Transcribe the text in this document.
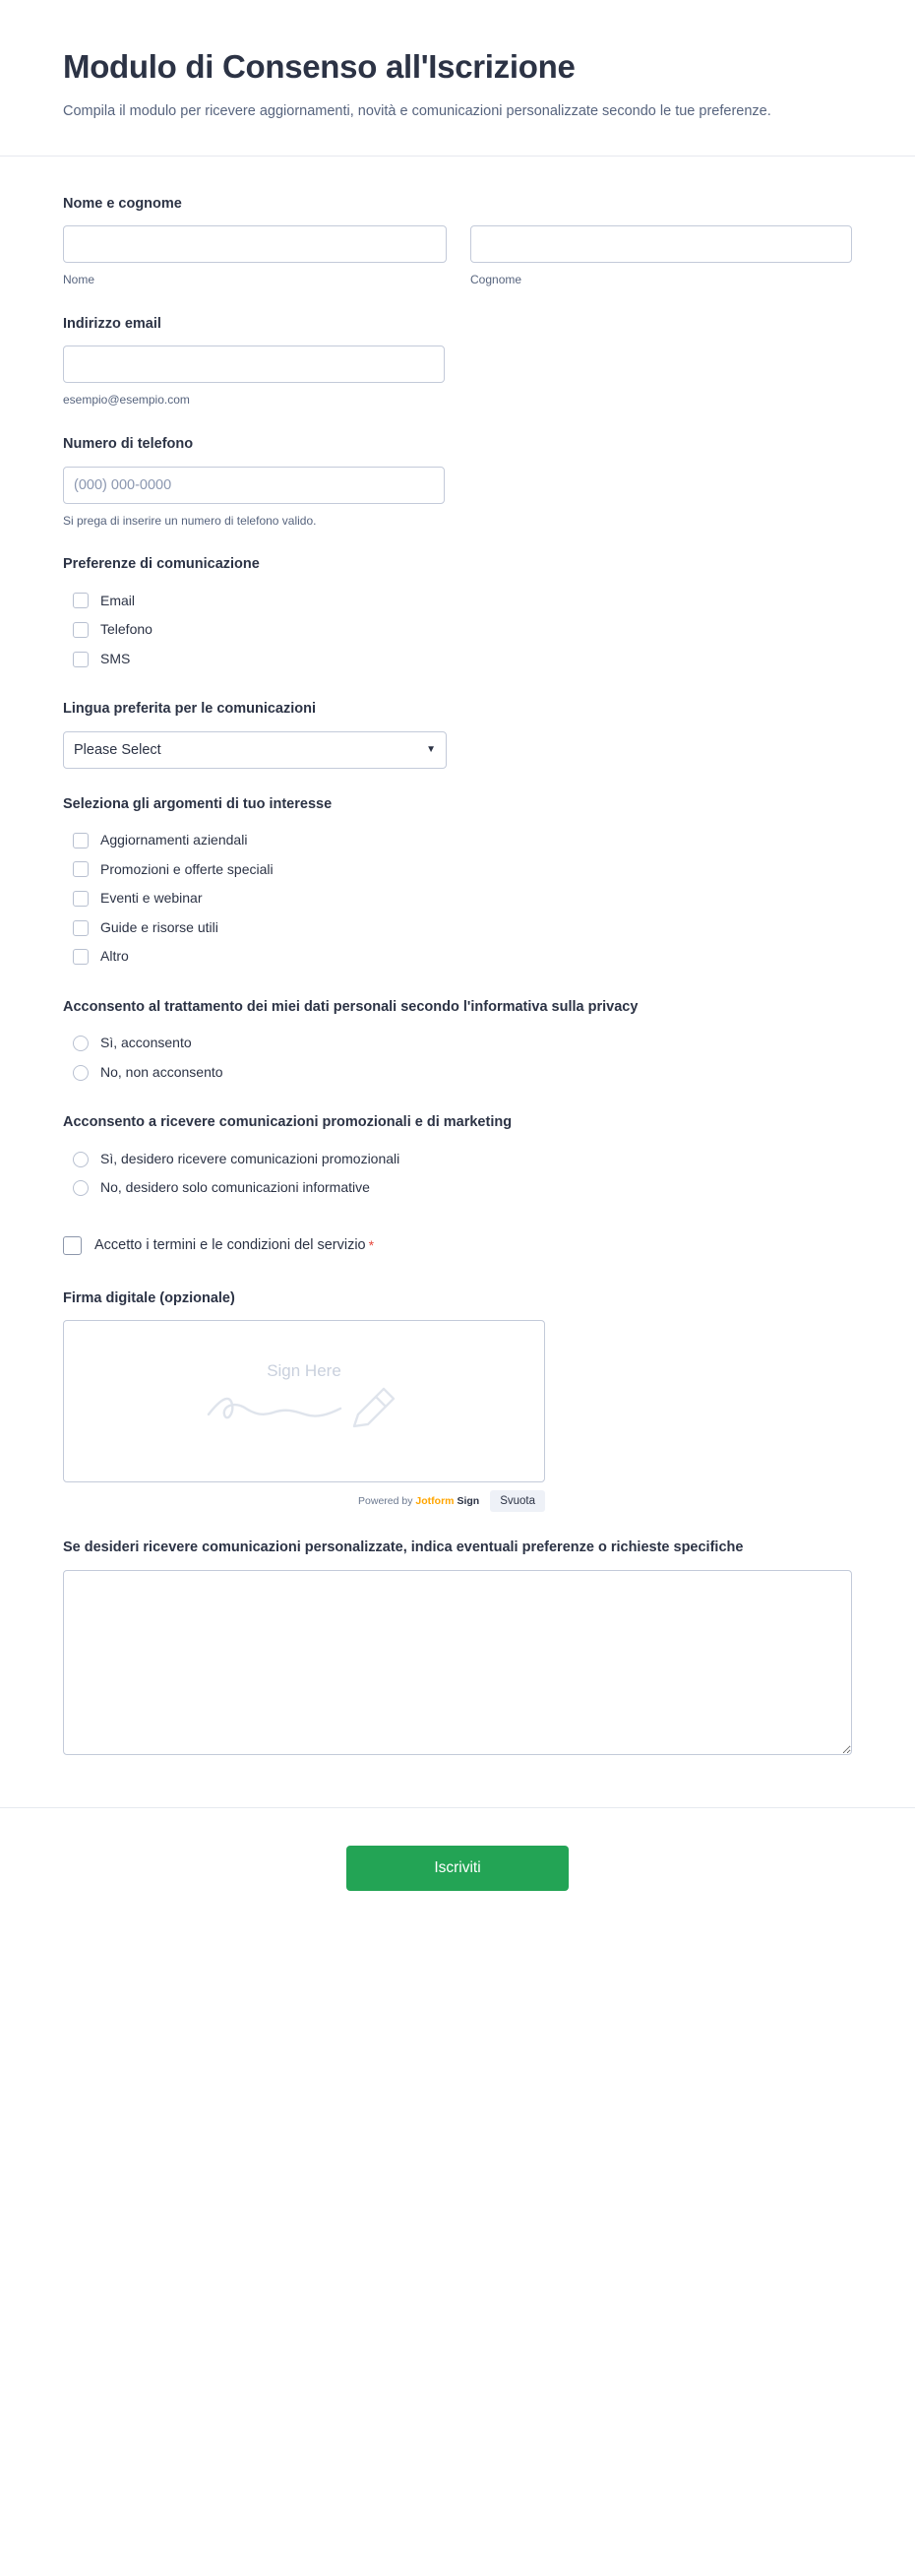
Modulo di Consenso all'Iscrizione

Compila il modulo per ricevere aggiornamenti, novità e comunicazioni personalizzate secondo le tue preferenze.

Nome e cognome
Nome	Cognome
Indirizzo email
esempio@esempio.com
Numero di telefono
(000) 000-0000
Si prega di inserire un numero di telefono valido.
Preferenze di comunicazione
Email
Telefono
SMS
Lingua preferita per le comunicazioni
Please Select
▼
Seleziona gli argomenti di tuo interesse
Aggiornamenti aziendali
Promozioni e offerte speciali
Eventi e webinar
Guide e risorse utili
Altro
Acconsento al trattamento dei miei dati personali secondo l'informativa sulla privacy
Sì, acconsento
No, non acconsento
Acconsento a ricevere comunicazioni promozionali e di marketing
Sì, desidero ricevere comunicazioni promozionali
No, desidero solo comunicazioni informative
Accetto i termini e le condizioni del servizio *
Firma digitale (opzionale)
Sign Here
Powered by Jotform Sign	Svuota
Se desideri ricevere comunicazioni personalizzate, indica eventuali preferenze o richieste specifiche
Iscriviti
